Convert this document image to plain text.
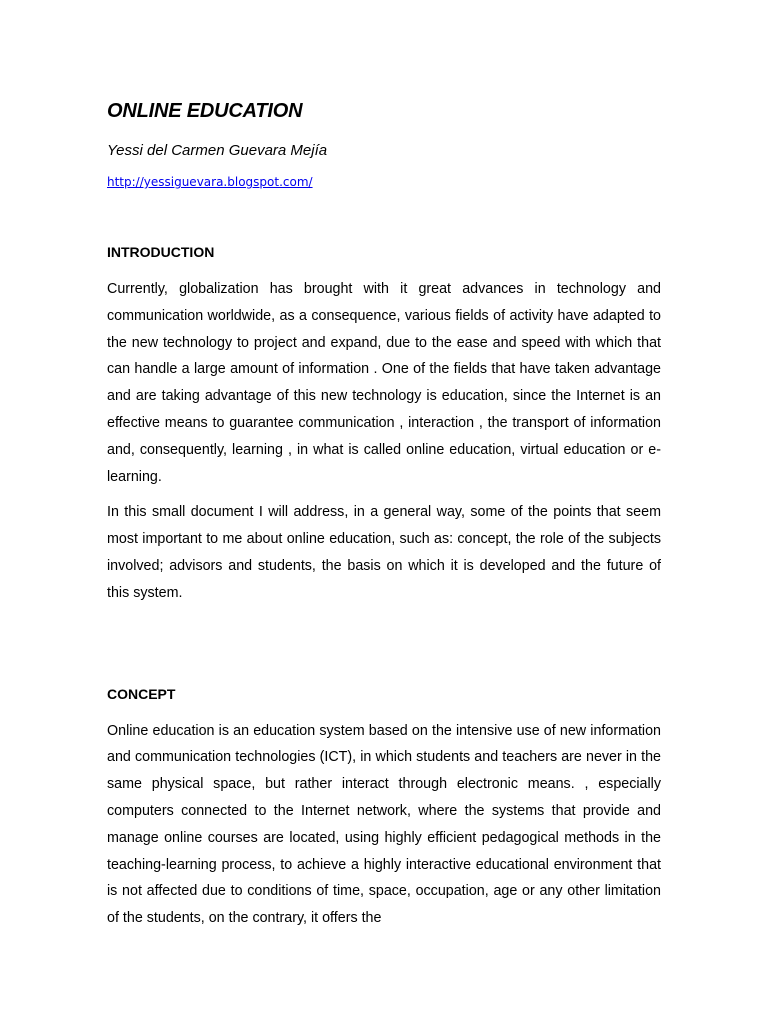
ONLINE EDUCATION

Yessi del Carmen Guevara Mejía

http://yessiguevara.blogspot.com/
INTRODUCTION

Currently, globalization has brought with it great advances in technology and communication worldwide, as a consequence, various fields of activity have adapted to the new technology to project and expand, due to the ease and speed with which that can handle a large amount of information . One of the fields that have taken advantage and are taking advantage of this new technology is education, since the Internet is an effective means to guarantee communication , interaction , the transport of information and, consequently, learning , in what is called online education, virtual education or e-learning.

In this small document I will address, in a general way, some of the points that seem most important to me about online education, such as: concept, the role of the subjects involved; advisors and students, the basis on which it is developed and the future of this system.

CONCEPT

Online education is an education system based on the intensive use of new information and communication technologies (ICT), in which students and teachers are never in the same physical space, but rather interact through electronic means. , especially computers connected to the Internet network, where the systems that provide and manage online courses are located, using highly efficient pedagogical methods in the teaching-learning process, to achieve a highly interactive educational environment that is not affected due to conditions of time, space, occupation, age or any other limitation of the students, on the contrary, it offers the
